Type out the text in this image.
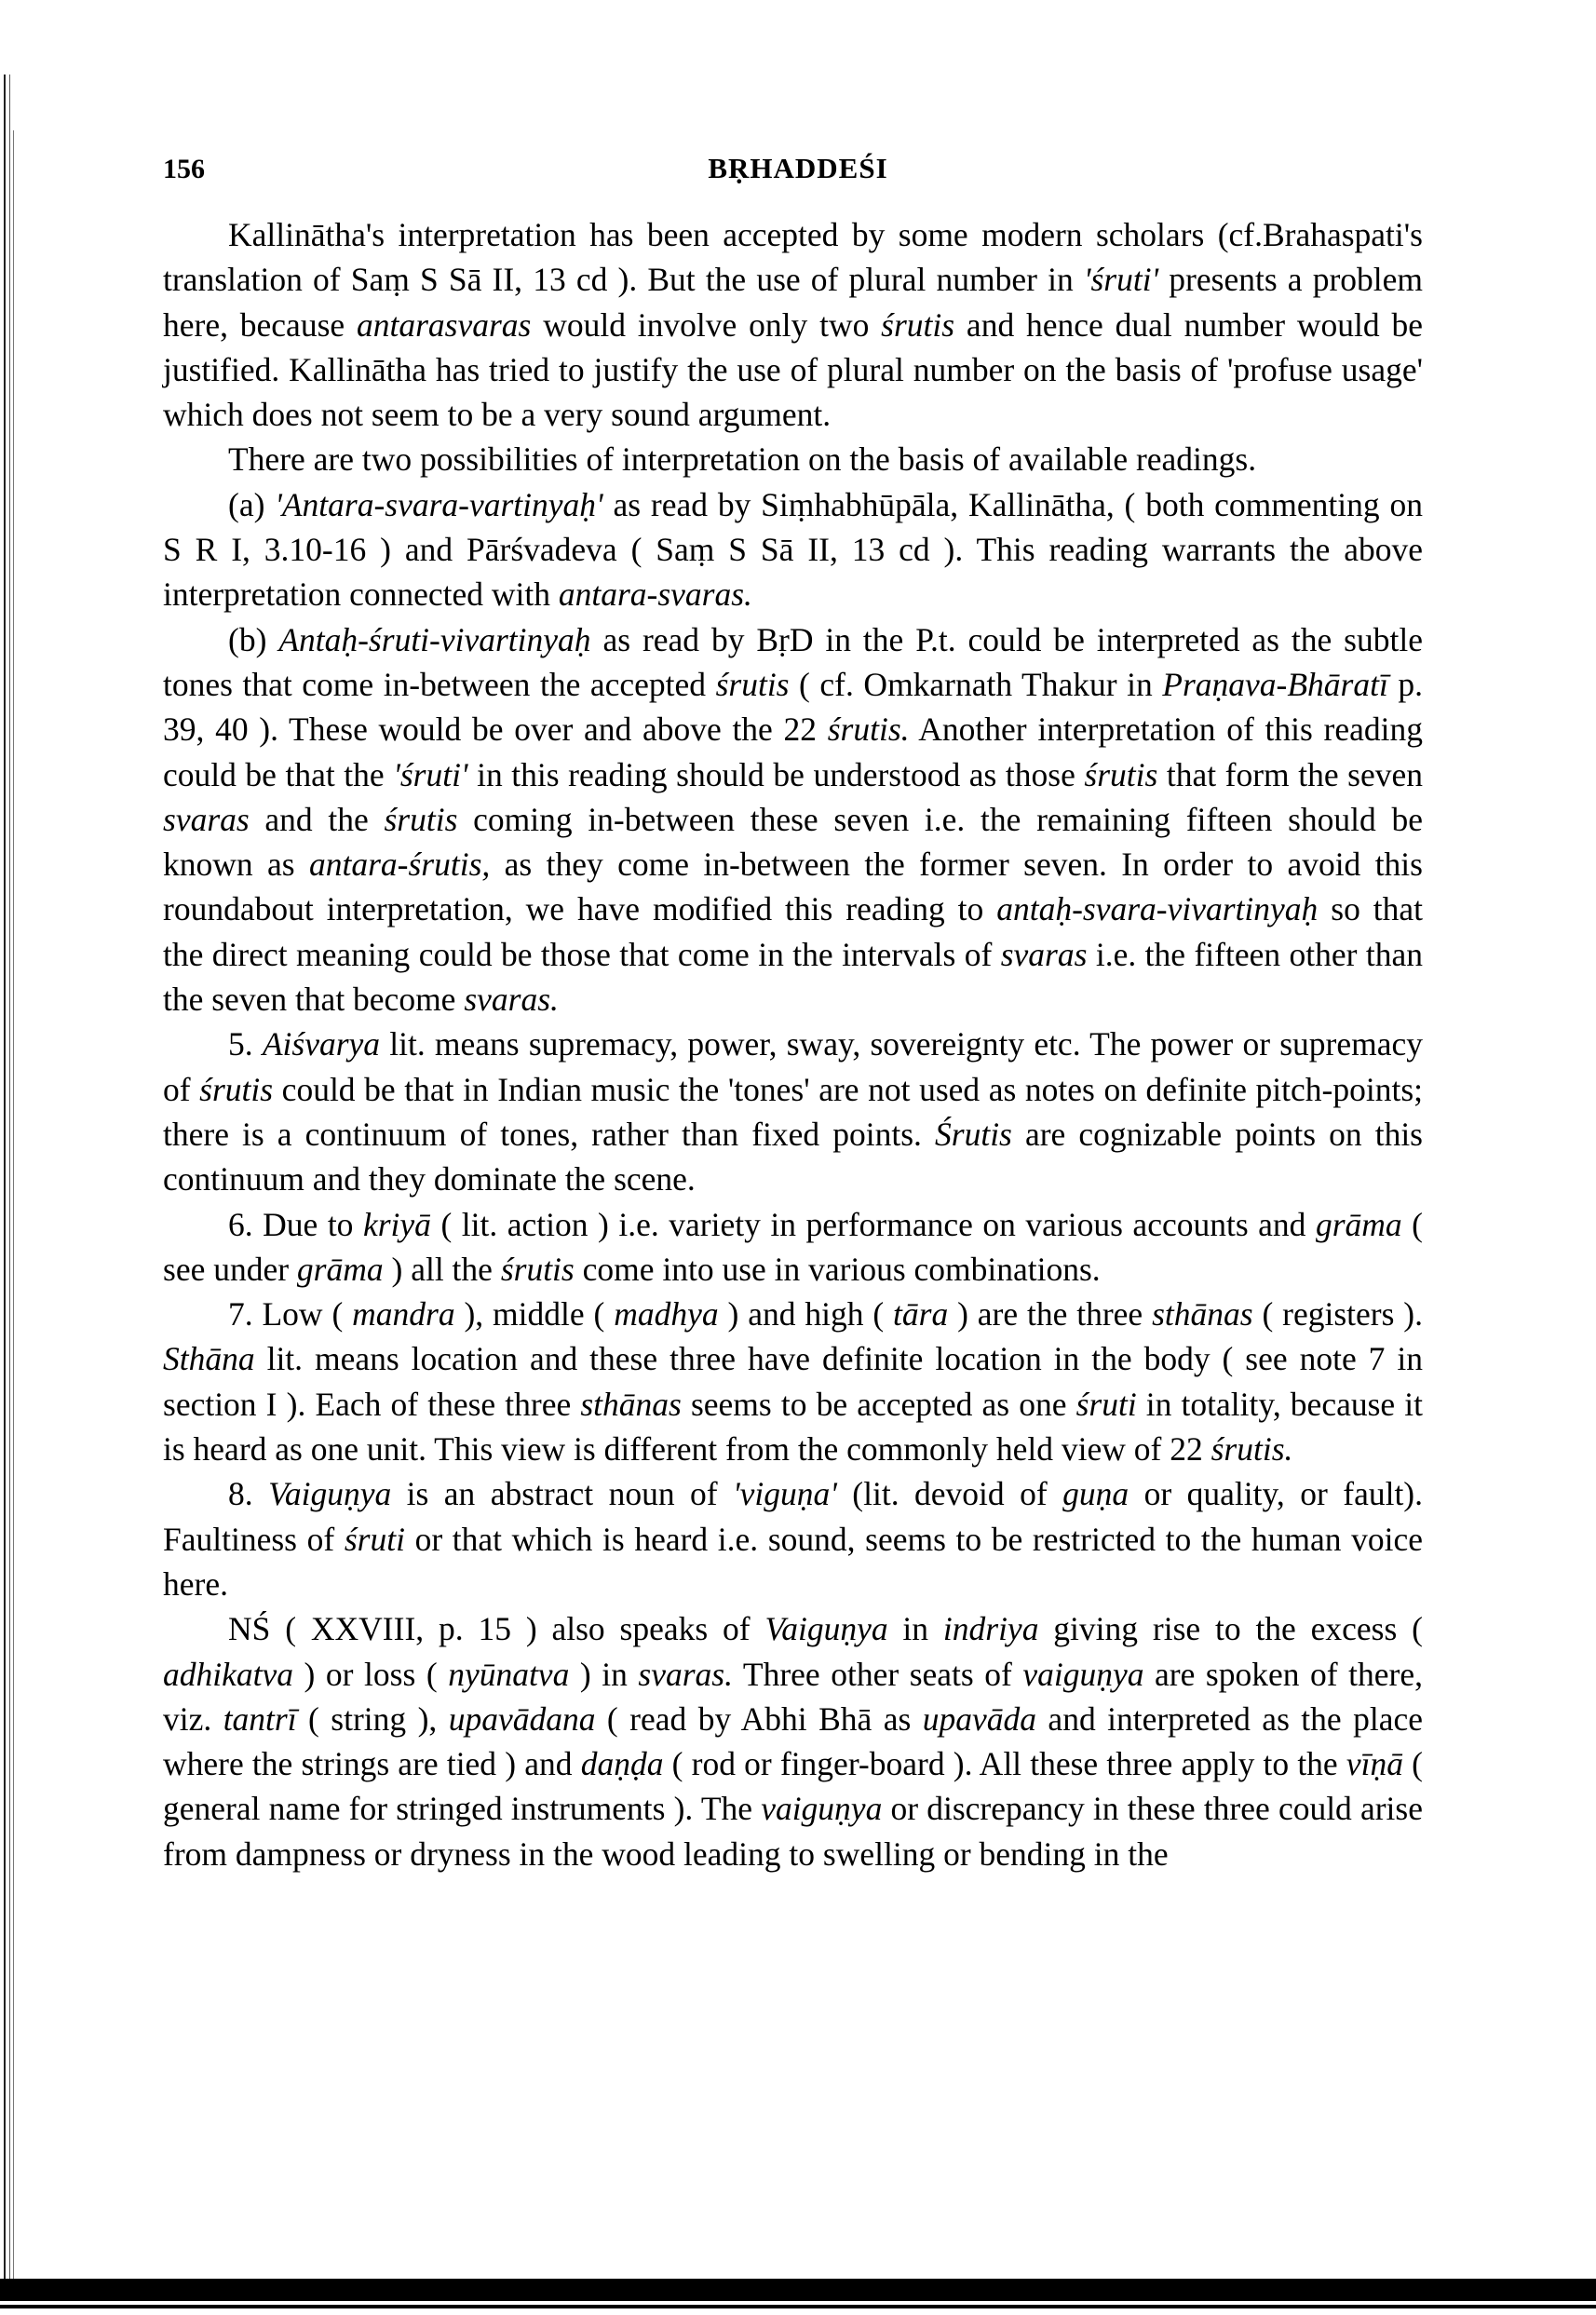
156	BṚHADDEŚI

Kallinātha's interpretation has been accepted by some modern scholars (cf.Brahaspati's translation of Saṃ S Sā II, 13 cd ). But the use of plural number in 'śruti' presents a problem here, because antarasvaras would involve only two śrutis and hence dual number would be justified. Kallinātha has tried to justify the use of plural number on the basis of 'profuse usage' which does not seem to be a very sound argument.

There are two possibilities of interpretation on the basis of available readings.

(a) 'Antara-svara-vartinyaḥ' as read by Siṃhabhūpāla, Kallinātha, ( both commenting on S R I, 3.10-16 ) and Pārśvadeva ( Saṃ S Sā II, 13 cd ). This reading warrants the above interpretation connected with antara-svaras.

(b) Antaḥ-śruti-vivartinyaḥ as read by BṛD in the P.t. could be interpreted as the subtle tones that come in-between the accepted śrutis ( cf. Omkarnath Thakur in Praṇava-Bhāratī p. 39, 40 ). These would be over and above the 22 śrutis. Another interpretation of this reading could be that the 'śruti' in this reading should be understood as those śrutis that form the seven svaras and the śrutis coming in-between these seven i.e. the remaining fifteen should be known as antara-śrutis, as they come in-between the former seven. In order to avoid this roundabout interpretation, we have modified this reading to antaḥ-svara-vivartinyaḥ so that the direct meaning could be those that come in the intervals of svaras i.e. the fifteen other than the seven that become svaras.

5. Aiśvarya lit. means supremacy, power, sway, sovereignty etc. The power or supremacy of śrutis could be that in Indian music the 'tones' are not used as notes on definite pitch-points; there is a continuum of tones, rather than fixed points. Śrutis are cognizable points on this continuum and they dominate the scene.

6. Due to kriyā ( lit. action ) i.e. variety in performance on various accounts and grāma ( see under grāma ) all the śrutis come into use in various combinations.

7. Low ( mandra ), middle ( madhya ) and high ( tāra ) are the three sthānas ( registers ). Sthāna lit. means location and these three have definite location in the body ( see note 7 in section I ). Each of these three sthānas seems to be accepted as one śruti in totality, because it is heard as one unit. This view is different from the commonly held view of 22 śrutis.

8. Vaiguṇya is an abstract noun of 'viguṇa' (lit. devoid of guṇa or quality, or fault). Faultiness of śruti or that which is heard i.e. sound, seems to be restricted to the human voice here.

NŚ ( XXVIII, p. 15 ) also speaks of Vaiguṇya in indriya giving rise to the excess ( adhikatva ) or loss ( nyūnatva ) in svaras. Three other seats of vaiguṇya are spoken of there, viz. tantrī ( string ), upavādana ( read by Abhi Bhā as upavāda and interpreted as the place where the strings are tied ) and daṇḍa ( rod or finger-board ). All these three apply to the vīṇā ( general name for stringed instruments ). The vaiguṇya or discrepancy in these three could arise from dampness or dryness in the wood leading to swelling or bending in the
